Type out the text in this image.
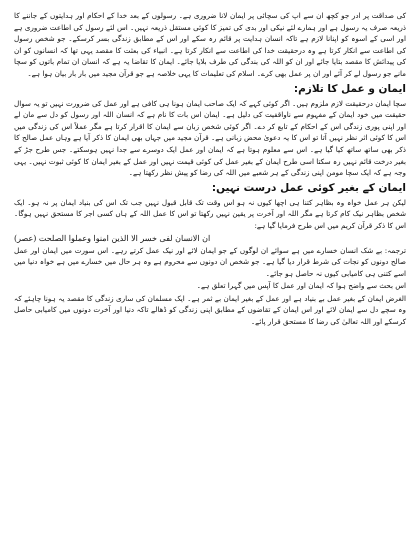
کی صداقت پر ادر جو کچھ ان سے اپ کی سچائی پر ایمان لانا ضروری ہے۔ رسولوں کے بعد خدا کے احکام اور ہدایتوں کے جاننے کا ذریعہ صرف یہ رسول ہے اور ہمارے لئے نیکی اور بدی کی تمیز کا کوئی مستقل ذریعہ نہیں۔ اس لئے رسول کی اطاعت ضروری ہے اور اسی کے اسوہ کو اپنانا لازم ہے تاکہ انسان ہدایت پر قائم رہ سکے اور اس کے مطابق زندگی بسر کرسکے۔ جو شخص رسول کی اطاعت سے انکار کرتا ہے وہ درحقیقت خدا کی اطاعت سے انکار کرتا ہے۔ انبیاء کی بعثت کا مقصد یہی تھا کہ انسانوں کو ان کی پیدائش کا مقصد بتایا جائے اور ان کو اللہ کی بندگی کی طرف بلایا جائے۔ ایمان کا تقاضا یہ ہے کہ انسان ان تمام باتوں کو سچا مانے جو رسول لے کر آئے اور ان پر عمل بھی کرے۔ اسلام کی تعلیمات کا یہی خلاصہ ہے جو قرآن مجید میں بار بار بیان ہوا ہے۔

ایمان و عمل کا تلازم:

سچا ایمان درحقیقت لازم ملزوم ہیں۔ اگر کوئی کہے کہ ایک صاحب ایمان ہونا ہی کافی ہے اور عمل کی ضرورت نہیں تو یہ سوال حقیقت میں خود ایمان کے مفہوم سے ناواقفیت کی دلیل ہے۔ ایمان اس بات کا نام ہے کہ انسان اللہ اور رسول کو دل سے مان لے اور اپنی پوری زندگی اس کے احکام کے تابع کر دے۔ اگر کوئی شخص زبان سے ایمان کا اقرار کرتا ہے مگر عملاً اس کی زندگی میں اس کا کوئی اثر نظر نہیں آتا تو اس کا یہ دعویٰ محض زبانی ہے۔ قرآن مجید میں جہاں بھی ایمان کا ذکر آیا ہے وہاں عمل صالح کا ذکر بھی ساتھ ساتھ کیا گیا ہے۔ اس سے معلوم ہوتا ہے کہ ایمان اور عمل ایک دوسرے سے جدا نہیں ہوسکتے۔ جس طرح جڑ کے بغیر درخت قائم نہیں رہ سکتا اسی طرح ایمان کے بغیر عمل کی کوئی قیمت نہیں اور عمل کے بغیر ایمان کا کوئی ثبوت نہیں۔ یہی وجہ ہے کہ ایک سچا مومن اپنی زندگی کے ہر شعبے میں اللہ کی رضا کو پیش نظر رکھتا ہے۔

ایمان کے بغیر کوئی عمل درست نہیں:

لیکن ہر عمل خواہ وہ بظاہر کتنا ہی اچھا کیوں نہ ہو اس وقت تک قابل قبول نہیں جب تک اس کی بنیاد ایمان پر نہ ہو۔ ایک شخص بظاہر نیک کام کرتا ہے مگر اللہ اور آخرت پر یقین نہیں رکھتا تو اس کا عمل اللہ کے ہاں کسی اجر کا مستحق نہیں ہوگا۔ اس کا ذکر قرآن کریم میں اس طرح فرمایا گیا ہے:

ان الانسان لفی خسر الا الذین امنوا وعملوا الصلحت (عصر)

ترجمہ: بے شک انسان خسارے میں ہے سوائے ان لوگوں کے جو ایمان لائے اور نیک عمل کرتے رہے۔ اس سورت میں ایمان اور عمل صالح دونوں کو نجات کی شرط قرار دیا گیا ہے۔ جو شخص ان دونوں سے محروم ہے وہ ہر حال میں خسارے میں ہے خواہ دنیا میں اسے کتنی ہی کامیابی کیوں نہ حاصل ہو جائے۔

اس بحث سے واضح ہوا کہ ایمان اور عمل کا آپس میں گہرا تعلق ہے۔

الغرض ایمان کے بغیر عمل بے بنیاد ہے اور عمل کے بغیر ایمان بے ثمر ہے۔ ایک مسلمان کی ساری زندگی کا مقصد یہ ہونا چاہئے کہ وہ سچے دل سے ایمان لائے اور اس ایمان کے تقاضوں کے مطابق اپنی زندگی کو ڈھالے تاکہ دنیا اور آخرت دونوں میں کامیابی حاصل کرسکے اور اللہ تعالیٰ کی رضا کا مستحق قرار پائے۔
